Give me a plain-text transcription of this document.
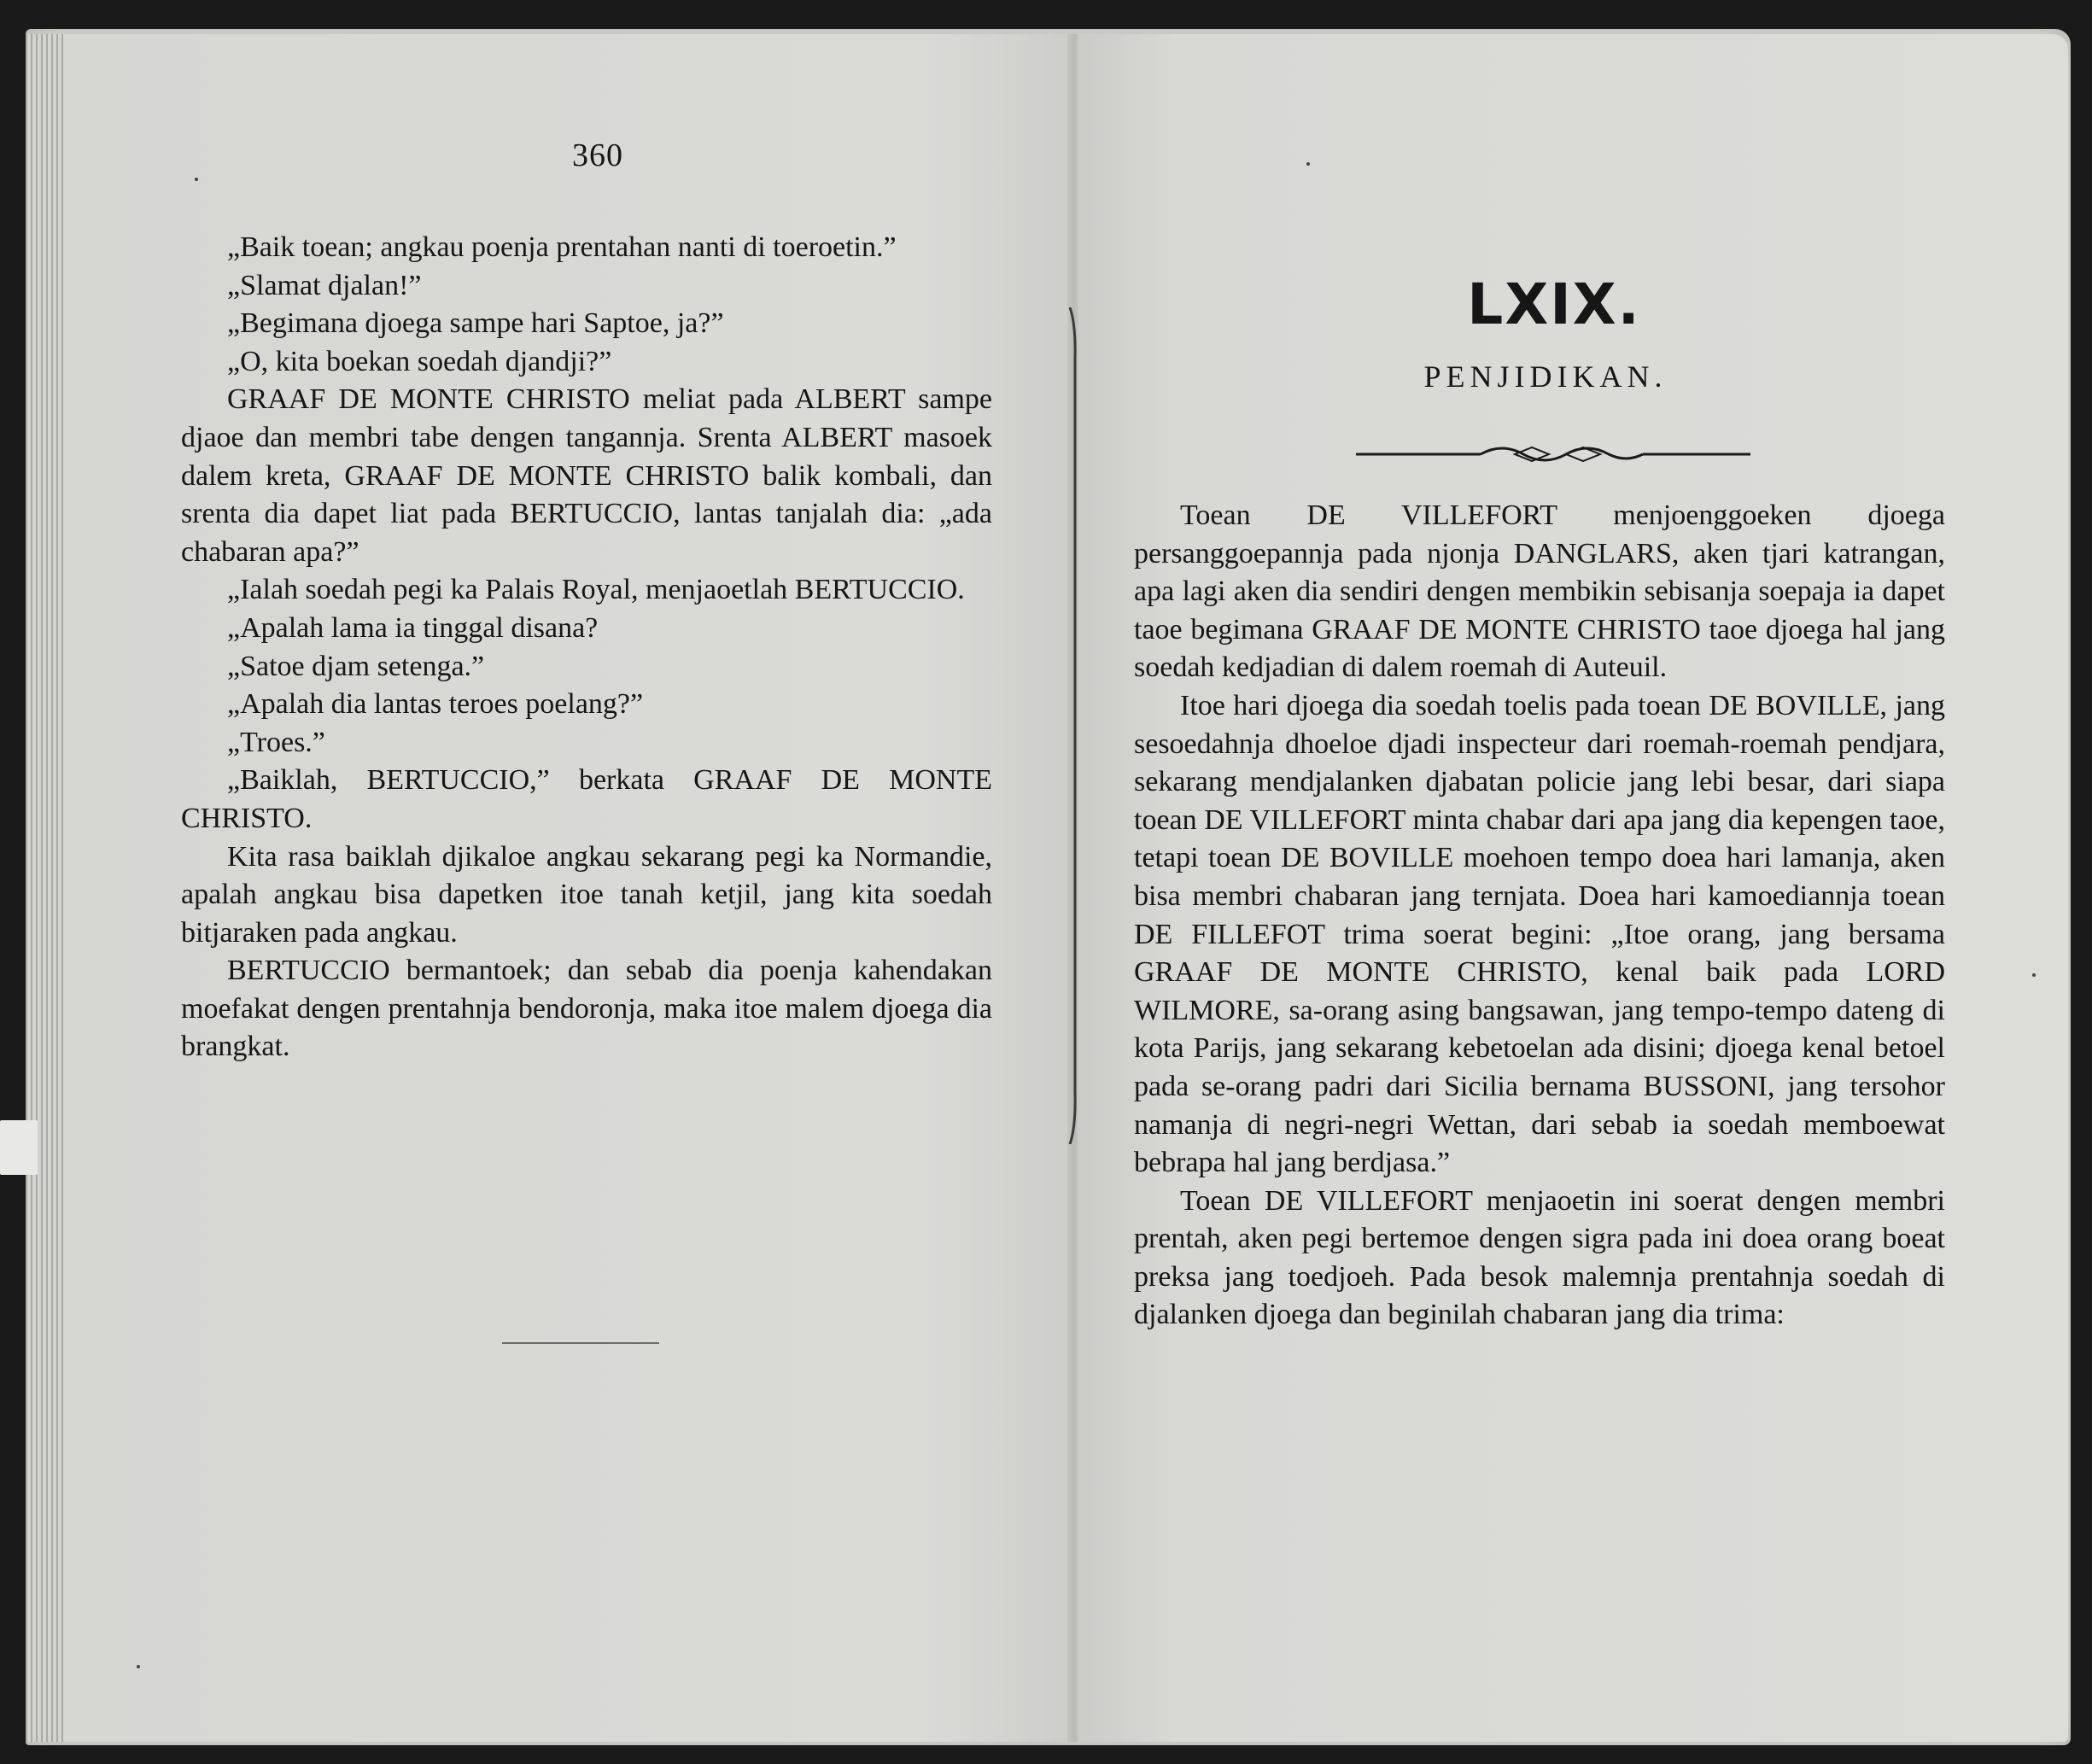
360

„Baik toean; angkau poenja prentahan nanti di toeroetin.”

„Slamat djalan!”

„Begimana djoega sampe hari Saptoe, ja?”

„O, kita boekan soedah djandji?”

GRAAF DE MONTE CHRISTO meliat pada ALBERT sampe djaoe dan membri tabe dengen tangannja. Srenta ALBERT masoek dalem kreta, GRAAF DE MONTE CHRISTO balik kombali, dan srenta dia dapet liat pada BERTUCCIO, lantas tanjalah dia: „ada chabaran apa?”

„Ialah soedah pegi ka Palais Royal, menjaoetlah BERTUCCIO.

„Apalah lama ia tinggal disana?

„Satoe djam setenga.”

„Apalah dia lantas teroes poelang?”

„Troes.”

„Baiklah, BERTUCCIO,” berkata GRAAF DE MONTE CHRISTO.

Kita rasa baiklah djikaloe angkau sekarang pegi ka Normandie, apalah angkau bisa dapetken itoe tanah ketjil, jang kita soedah bitjaraken pada angkau.

BERTUCCIO bermantoek; dan sebab dia poenja kahendakan moefakat dengen prentahnja bendoronja, maka itoe malem djoega dia brangkat.

LXIX.
PENJIDIKAN.

Toean DE VILLEFORT menjoenggoeken djoega persanggoepannja pada njonja DANGLARS, aken tjari katrangan, apa lagi aken dia sendiri dengen membikin sebisanja soepaja ia dapet taoe begimana GRAAF DE MONTE CHRISTO taoe djoega hal jang soedah kedjadian di dalem roemah di Auteuil.

Itoe hari djoega dia soedah toelis pada toean DE BOVILLE, jang sesoedahnja dhoeloe djadi inspecteur dari roemah-roemah pendjara, sekarang mendjalanken djabatan policie jang lebi besar, dari siapa toean DE VILLEFORT minta chabar dari apa jang dia kepengen taoe, tetapi toean DE BOVILLE moehoen tempo doea hari lamanja, aken bisa membri chabaran jang ternjata. Doea hari kamoediannja toean DE FILLEFOT trima soerat begini: „Itoe orang, jang bersama GRAAF DE MONTE CHRISTO, kenal baik pada LORD WILMORE, sa-orang asing bangsawan, jang tempo-tempo dateng di kota Parijs, jang sekarang kebetoelan ada disini; djoega kenal betoel pada se-orang padri dari Sicilia bernama BUSSONI, jang tersohor namanja di negri-negri Wettan, dari sebab ia soedah memboewat bebrapa hal jang berdjasa.”

Toean DE VILLEFORT menjaoetin ini soerat dengen membri prentah, aken pegi bertemoe dengen sigra pada ini doea orang boeat preksa jang toedjoeh. Pada besok malemnja prentahnja soedah di djalanken djoega dan beginilah chabaran jang dia trima:
